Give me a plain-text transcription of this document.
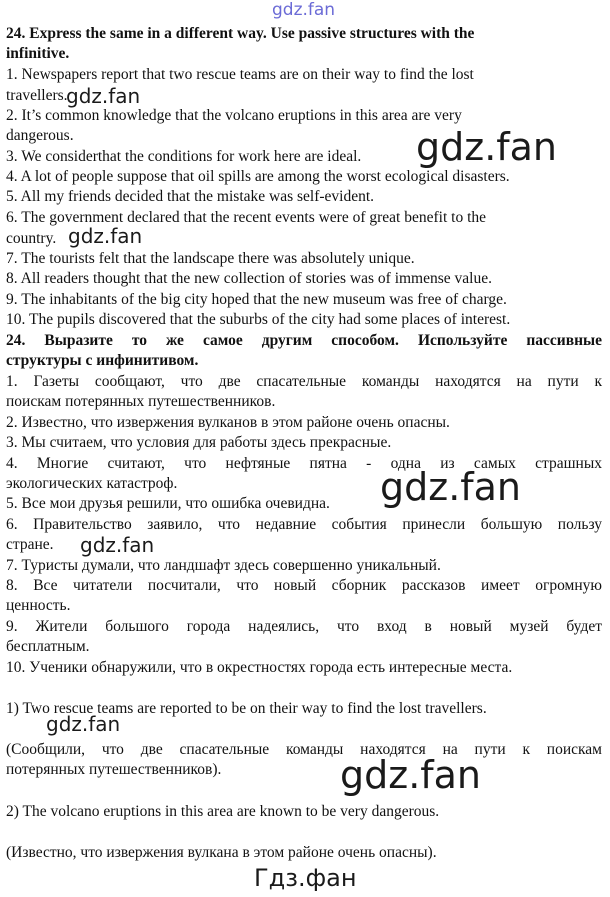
gdz.fan
24. Express the same in a different way. Use passive structures with the
infinitive.
1. Newspapers report that two rescue teams are on their way to find the lost
travellers.
2. It’s common knowledge that the volcano eruptions in this area are very
dangerous.
3. We considerthat the conditions for work here are ideal.
4. A lot of people suppose that oil spills are among the worst ecological disasters.
5. All my friends decided that the mistake was self-evident.
6. The government declared that the recent events were of great benefit to the
country.
7. The tourists felt that the landscape there was absolutely unique.
8. All readers thought that the new collection of stories was of immense value.
9. The inhabitants of the big city hoped that the new museum was free of charge.
10. The pupils discovered that the suburbs of the city had some places of interest.
24. Выразите то же самое другим способом. Используйте пассивные
структуры с инфинитивом.
1. Газеты сообщают, что две спасательные команды находятся на пути к
поискам потерянных путешественников.
2. Известно, что извержения вулканов в этом районе очень опасны.
3. Мы считаем, что условия для работы здесь прекрасные.
4. Многие считают, что нефтяные пятна - одна из самых страшных
экологических катастроф.
5. Все мои друзья решили, что ошибка очевидна.
6. Правительство заявило, что недавние события принесли большую пользу
стране.
7. Туристы думали, что ландшафт здесь совершенно уникальный.
8. Все читатели посчитали, что новый сборник рассказов имеет огромную
ценность.
9. Жители большого города надеялись, что вход в новый музей будет
бесплатным.
10. Ученики обнаружили, что в окрестностях города есть интересные места.
1) Two rescue teams are reported to be on their way to find the lost travellers.
(Сообщили, что две спасательные команды находятся на пути к поискам
потерянных путешественников).
2) The volcano eruptions in this area are known to be very dangerous.
(Известно, что извержения вулкана в этом районе очень опасны).
gdz.fan
gdz.fan
gdz.fan
gdz.fan
gdz.fan
gdz.fan
gdz.fan
Гдз.фан
